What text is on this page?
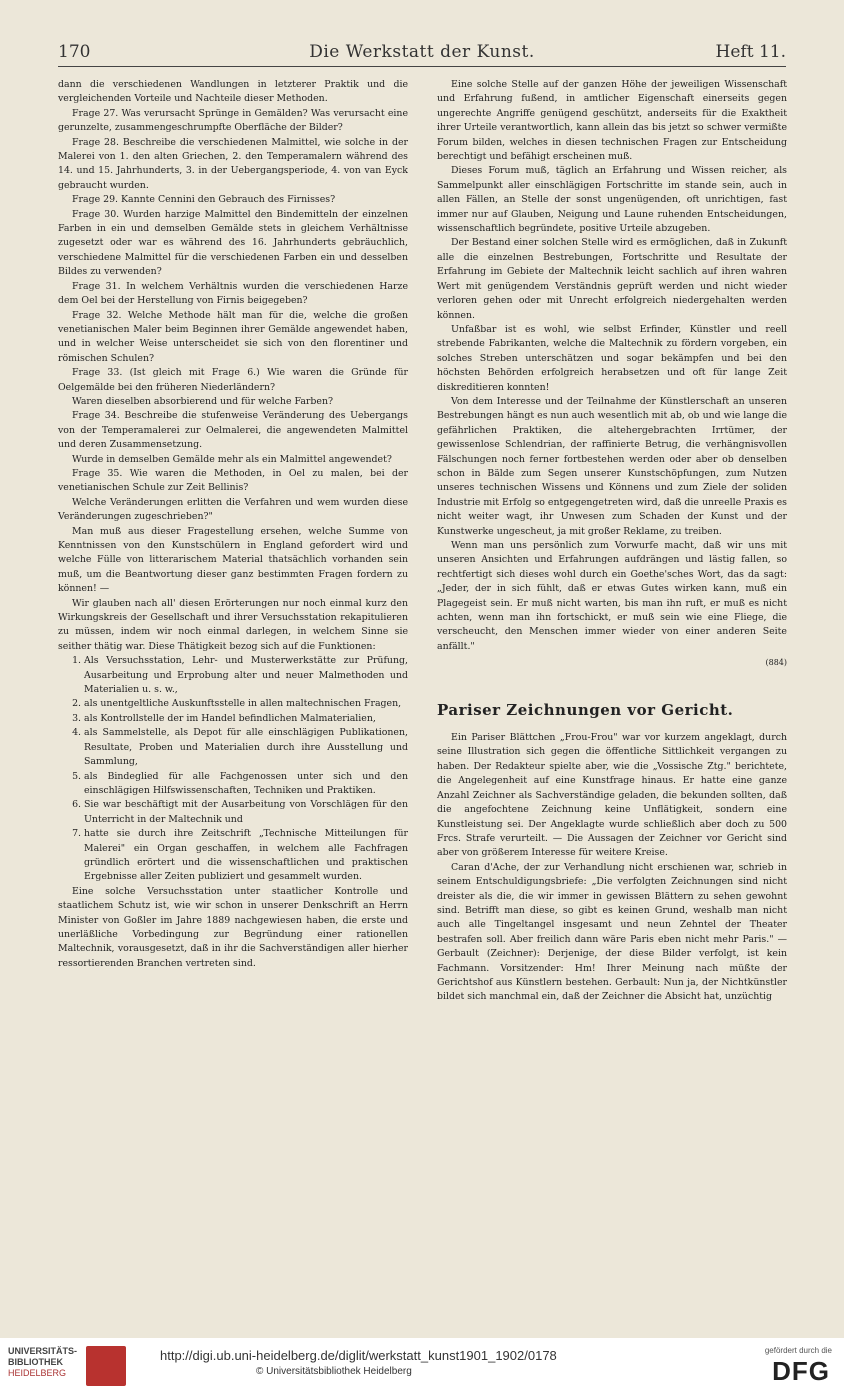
170	Die Werkstatt der Kunst.	Heft 11.

dann die verschiedenen Wandlungen in letzterer Praktik und die vergleichenden Vorteile und Nachteile dieser Methoden.

Frage 27. Was verursacht Sprünge in Gemälden? Was verursacht eine gerunzelte, zusammengeschrumpfte Oberfläche der Bilder?

Frage 28. Beschreibe die verschiedenen Malmittel, wie solche in der Malerei von 1. den alten Griechen, 2. den Temperamalern während des 14. und 15. Jahrhunderts, 3. in der Uebergangsperiode, 4. von van Eyck gebraucht wurden.

Frage 29. Kannte Cennini den Gebrauch des Firnisses?

Frage 30. Wurden harzige Malmittel den Bindemitteln der einzelnen Farben in ein und demselben Gemälde stets in gleichem Verhältnisse zugesetzt oder war es während des 16. Jahrhunderts gebräuchlich, verschiedene Malmittel für die verschiedenen Farben ein und desselben Bildes zu verwenden?

Frage 31. In welchem Verhältnis wurden die verschiedenen Harze dem Oel bei der Herstellung von Firnis beigegeben?

Frage 32. Welche Methode hält man für die, welche die großen venetianischen Maler beim Beginnen ihrer Gemälde angewendet haben, und in welcher Weise unterscheidet sie sich von den florentiner und römischen Schulen?

Frage 33. (Ist gleich mit Frage 6.) Wie waren die Gründe für Oelgemälde bei den früheren Niederländern?

Waren dieselben absorbierend und für welche Farben?

Frage 34. Beschreibe die stufenweise Veränderung des Uebergangs von der Temperamalerei zur Oelmalerei, die angewendeten Malmittel und deren Zusammensetzung.

Wurde in demselben Gemälde mehr als ein Malmittel angewendet?

Frage 35. Wie waren die Methoden, in Oel zu malen, bei der venetianischen Schule zur Zeit Bellinis?

Welche Veränderungen erlitten die Verfahren und wem wurden diese Veränderungen zugeschrieben?"

Man muß aus dieser Fragestellung ersehen, welche Summe von Kenntnissen von den Kunstschülern in England gefordert wird und welche Fülle von litterarischem Material thatsächlich vorhanden sein muß, um die Beantwortung dieser ganz bestimmten Fragen fordern zu können! —

Wir glauben nach all' diesen Erörterungen nur noch einmal kurz den Wirkungskreis der Gesellschaft und ihrer Versuchsstation rekapitulieren zu müssen, indem wir noch einmal darlegen, in welchem Sinne sie seither thätig war. Diese Thätigkeit bezog sich auf die Funktionen:

1. Als Versuchsstation, Lehr- und Musterwerkstätte zur Prüfung, Ausarbeitung und Erprobung alter und neuer Malmethoden und Materialien u. s. w.,
2. als unentgeltliche Auskunftsstelle in allen maltechnischen Fragen,
3. als Kontrollstelle der im Handel befindlichen Malmaterialien,
4. als Sammelstelle, als Depot für alle einschlägigen Publikationen, Resultate, Proben und Materialien durch ihre Ausstellung und Sammlung,
5. als Bindeglied für alle Fachgenossen unter sich und den einschlägigen Hilfswissenschaften, Techniken und Praktiken.
6. Sie war beschäftigt mit der Ausarbeitung von Vorschlägen für den Unterricht in der Maltechnik und
7. hatte sie durch ihre Zeitschrift „Technische Mitteilungen für Malerei" ein Organ geschaffen, in welchem alle Fachfragen gründlich erörtert und die wissenschaftlichen und praktischen Ergebnisse aller Zeiten publiziert und gesammelt wurden.

Eine solche Versuchsstation unter staatlicher Kontrolle und staatlichem Schutz ist, wie wir schon in unserer Denkschrift an Herrn Minister von Goßler im Jahre 1889 nachgewiesen haben, die erste und unerläßliche Vorbedingung zur Begründung einer rationellen Maltechnik, vorausgesetzt, daß in ihr die Sachverständigen aller hierher ressortierenden Branchen vertreten sind.

Eine solche Stelle auf der ganzen Höhe der jeweiligen Wissenschaft und Erfahrung fußend, in amtlicher Eigenschaft einerseits gegen ungerechte Angriffe genügend geschützt, anderseits für die Exaktheit ihrer Urteile verantwortlich, kann allein das bis jetzt so schwer vermißte Forum bilden, welches in diesen technischen Fragen zur Entscheidung berechtigt und befähigt erscheinen muß.

Dieses Forum muß, täglich an Erfahrung und Wissen reicher, als Sammelpunkt aller einschlägigen Fortschritte im stande sein, auch in allen Fällen, an Stelle der sonst ungenügenden, oft unrichtigen, fast immer nur auf Glauben, Neigung und Laune ruhenden Entscheidungen, wissenschaftlich begründete, positive Urteile abzugeben.

Der Bestand einer solchen Stelle wird es ermöglichen, daß in Zukunft alle die einzelnen Bestrebungen, Fortschritte und Resultate der Erfahrung im Gebiete der Maltechnik leicht sachlich auf ihren wahren Wert mit genügendem Verständnis geprüft werden und nicht wieder verloren gehen oder mit Unrecht erfolgreich niedergehalten werden können.

Unfaßbar ist es wohl, wie selbst Erfinder, Künstler und reell strebende Fabrikanten, welche die Maltechnik zu fördern vorgeben, ein solches Streben unterschätzen und sogar bekämpfen und bei den höchsten Behörden erfolgreich herabsetzen und oft für lange Zeit diskreditieren konnten!

Von dem Interesse und der Teilnahme der Künstlerschaft an unseren Bestrebungen hängt es nun auch wesentlich mit ab, ob und wie lange die gefährlichen Praktiken, die altehergebrachten Irrtümer, der gewissenlose Schlendrian, der raffinierte Betrug, die verhängnisvollen Fälschungen noch ferner fortbestehen werden oder aber ob denselben schon in Bälde zum Segen unserer Kunstschöpfungen, zum Nutzen unseres technischen Wissens und Könnens und zum Ziele der soliden Industrie mit Erfolg so entgegengetreten wird, daß die unreelle Praxis es nicht weiter wagt, ihr Unwesen zum Schaden der Kunst und der Kunstwerke ungescheut, ja mit großer Reklame, zu treiben.

Wenn man uns persönlich zum Vorwurfe macht, daß wir uns mit unseren Ansichten und Erfahrungen aufdrängen und lästig fallen, so rechtfertigt sich dieses wohl durch ein Goethe'sches Wort, das da sagt: „Jeder, der in sich fühlt, daß er etwas Gutes wirken kann, muß ein Plagegeist sein. Er muß nicht warten, bis man ihn ruft, er muß es nicht achten, wenn man ihn fortschickt, er muß sein wie eine Fliege, die verscheucht, den Menschen immer wieder von einer anderen Seite anfällt."

(884)
Pariser Zeichnungen vor Gericht.

Ein Pariser Blättchen „Frou-Frou" war vor kurzem angeklagt, durch seine Illustration sich gegen die öffentliche Sittlichkeit vergangen zu haben. Der Redakteur spielte aber, wie die „Vossische Ztg." berichtete, die Angelegenheit auf eine Kunstfrage hinaus. Er hatte eine ganze Anzahl Zeichner als Sachverständige geladen, die bekunden sollten, daß die angefochtene Zeichnung keine Unflätigkeit, sondern eine Kunstleistung sei. Der Angeklagte wurde schließlich aber doch zu 500 Frcs. Strafe verurteilt. — Die Aussagen der Zeichner vor Gericht sind aber von größerem Interesse für weitere Kreise.

Caran d'Ache, der zur Verhandlung nicht erschienen war, schrieb in seinem Entschuldigungsbriefe: „Die verfolgten Zeichnungen sind nicht dreister als die, die wir immer in gewissen Blättern zu sehen gewohnt sind. Betrifft man diese, so gibt es keinen Grund, weshalb man nicht auch alle Tingeltangel insgesamt und neun Zehntel der Theater bestrafen soll. Aber freilich dann wäre Paris eben nicht mehr Paris." — Gerbault (Zeichner): Derjenige, der diese Bilder verfolgt, ist kein Fachmann. Vorsitzender: Hm! Ihrer Meinung nach müßte der Gerichtshof aus Künstlern bestehen. Gerbault: Nun ja, der Nichtkünstler bildet sich manchmal ein, daß der Zeichner die Absicht hat, unzüchtig

UNIVERSITÄTS-
BIBLIOTHEK
HEIDELBERG
http://digi.ub.uni-heidelberg.de/diglit/werkstatt_kunst1901_1902/0178
© Universitätsbibliothek Heidelberg
gefördert durch die
DFG
